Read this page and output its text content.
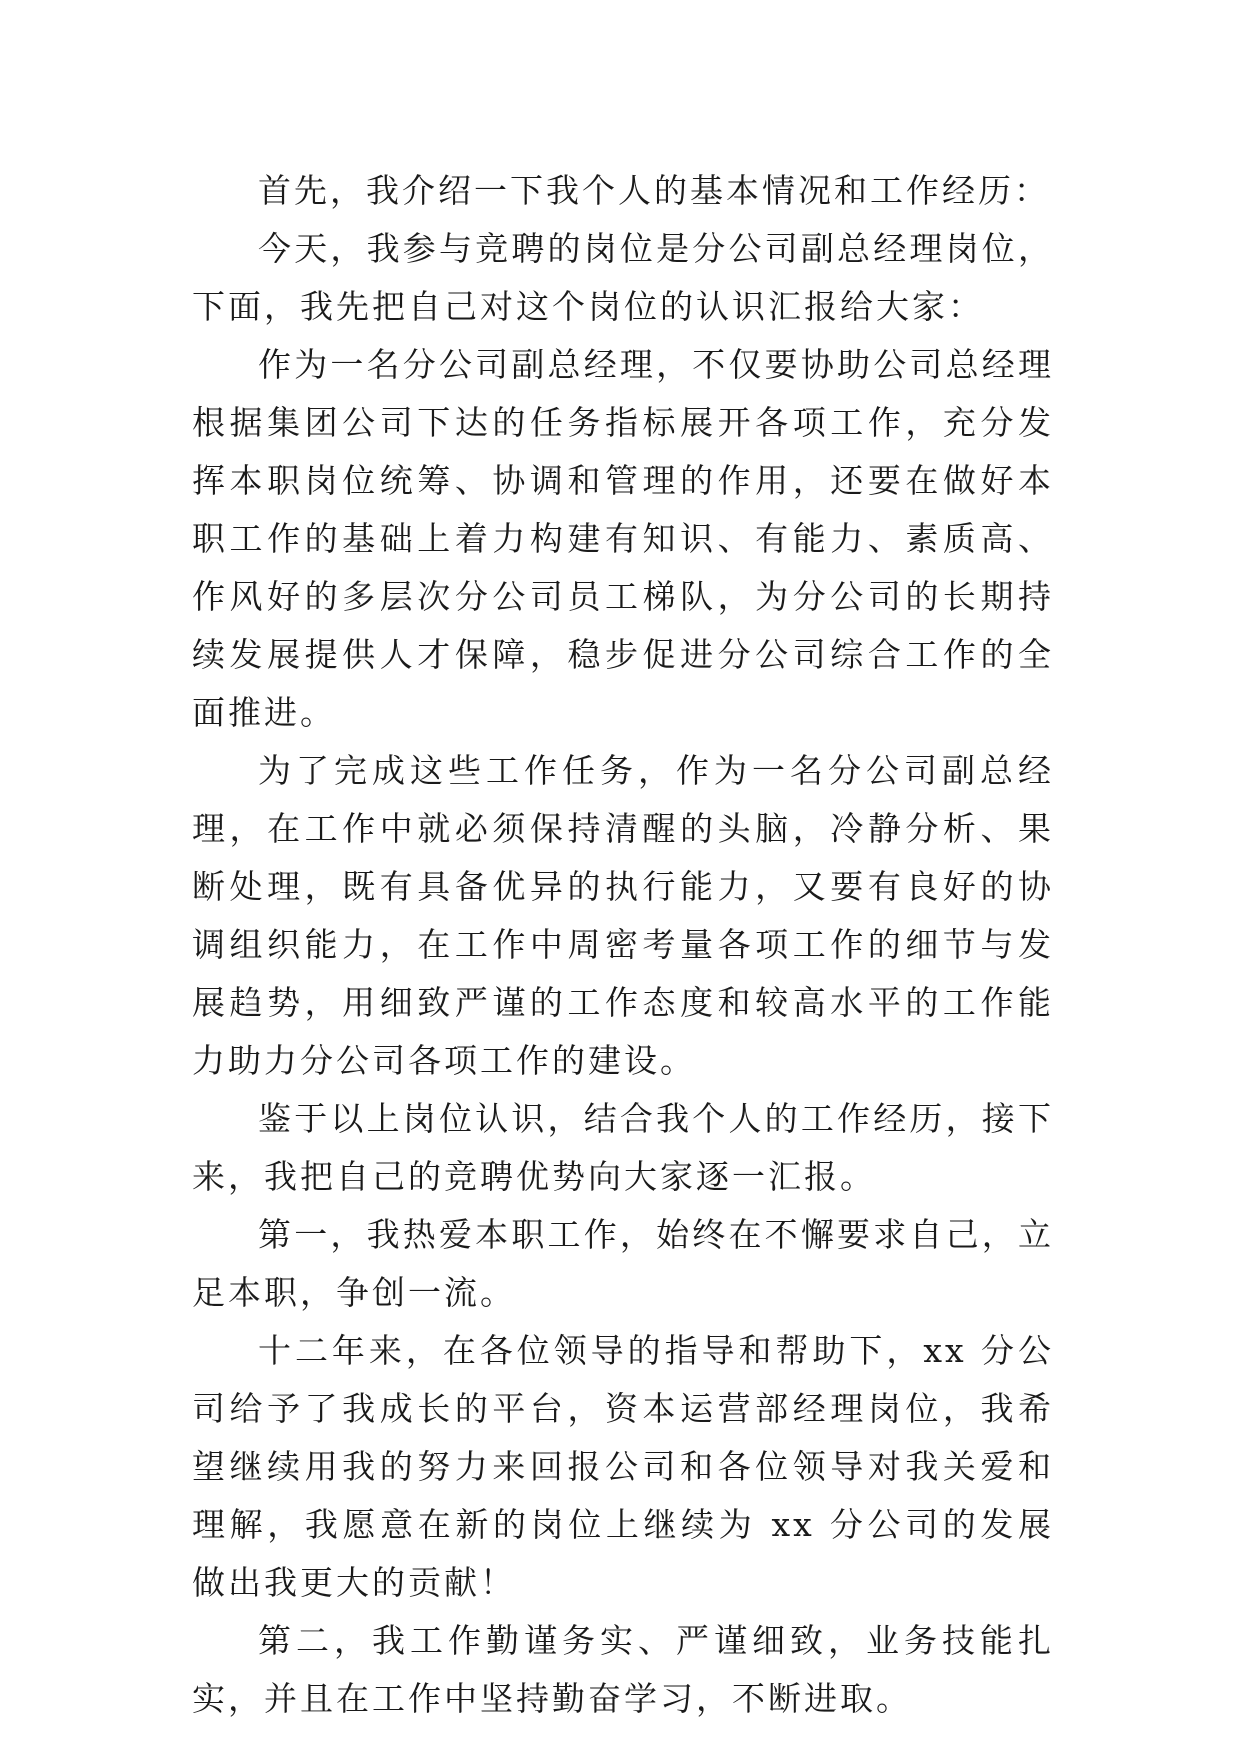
首先，我介绍一下我个人的基本情况和工作经历：

今天，我参与竞聘的岗位是分公司副总经理岗位，下面，我先把自己对这个岗位的认识汇报给大家：

作为一名分公司副总经理，不仅要协助公司总经理根据集团公司下达的任务指标展开各项工作，充分发挥本职岗位统筹、协调和管理的作用，还要在做好本职工作的基础上着力构建有知识、有能力、素质高、作风好的多层次分公司员工梯队，为分公司的长期持续发展提供人才保障，稳步促进分公司综合工作的全面推进。

为了完成这些工作任务，作为一名分公司副总经理，在工作中就必须保持清醒的头脑，冷静分析、果断处理，既有具备优异的执行能力，又要有良好的协调组织能力，在工作中周密考量各项工作的细节与发展趋势，用细致严谨的工作态度和较高水平的工作能力助力分公司各项工作的建设。

鉴于以上岗位认识，结合我个人的工作经历，接下来，我把自己的竞聘优势向大家逐一汇报。

第一，我热爱本职工作，始终在不懈要求自己，立足本职，争创一流。

十二年来，在各位领导的指导和帮助下，xx 分公司给予了我成长的平台，资本运营部经理岗位，我希望继续用我的努力来回报公司和各位领导对我关爱和理解，我愿意在新的岗位上继续为 xx 分公司的发展做出我更大的贡献！

第二，我工作勤谨务实、严谨细致，业务技能扎实，并且在工作中坚持勤奋学习，不断进取。
